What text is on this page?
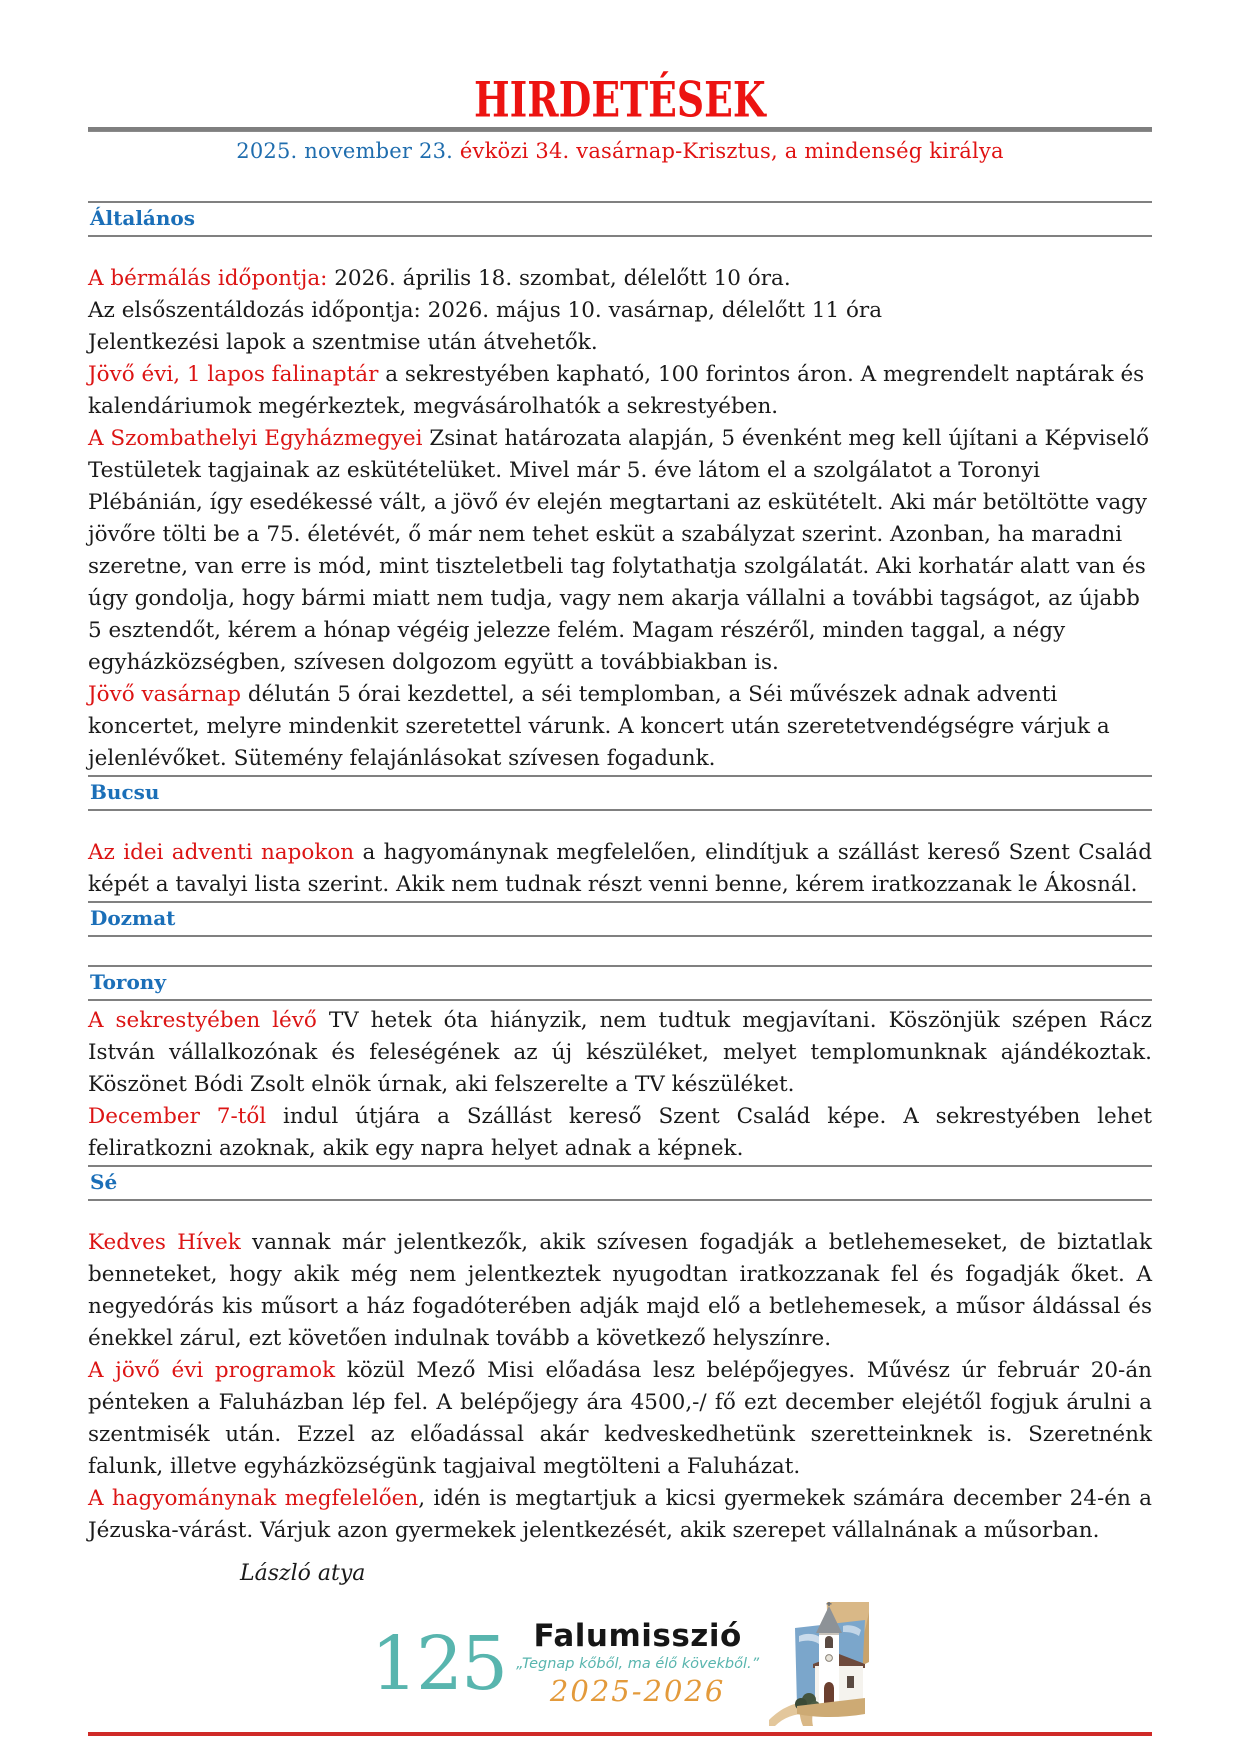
HIRDETÉSEK
2025. november 23. évközi 34. vasárnap-Krisztus, a mindenség királya
Általános
A bérmálás időpontja: 2026. április 18. szombat, délelőtt 10 óra.
Az elsőszentáldozás időpontja: 2026. május 10. vasárnap, délelőtt 11 óra
Jelentkezési lapok a szentmise után átvehetők.
Jövő évi, 1 lapos falinaptár a sekrestyében kapható, 100 forintos áron. A megrendelt naptárak és kalendáriumok megérkeztek, megvásárolhatók a sekrestyében.
A Szombathelyi Egyházmegyei Zsinat határozata alapján, 5 évenként meg kell újítani a Képviselő Testületek tagjainak az eskütételüket. Mivel már 5. éve látom el a szolgálatot a Toronyi Plébánián, így esedékessé vált, a jövő év elején megtartani az eskütételt. Aki már betöltötte vagy jövőre tölti be a 75. életévét, ő már nem tehet esküt a szabályzat szerint. Azonban, ha maradni szeretne, van erre is mód, mint tiszteletbeli tag folytathatja szolgálatát. Aki korhatár alatt van és úgy gondolja, hogy bármi miatt nem tudja, vagy nem akarja vállalni a további tagságot, az újabb 5 esztendőt, kérem a hónap végéig jelezze felém. Magam részéről, minden taggal, a négy egyházközségben, szívesen dolgozom együtt a továbbiakban is.
Jövő vasárnap délután 5 órai kezdettel, a séi templomban, a Séi művészek adnak adventi koncertet, melyre mindenkit szeretettel várunk. A koncert után szeretetvendégségre várjuk a jelenlévőket. Sütemény felajánlásokat szívesen fogadunk.
Bucsu
Az idei adventi napokon a hagyománynak megfelelően, elindítjuk a szállást kereső Szent Család képét a tavalyi lista szerint. Akik nem tudnak részt venni benne, kérem iratkozzanak le Ákosnál.
Dozmat
Torony
A sekrestyében lévő TV hetek óta hiányzik, nem tudtuk megjavítani. Köszönjük szépen Rácz István vállalkozónak és feleségének az új készüléket, melyet templomunknak ajándékoztak. Köszönet Bódi Zsolt elnök úrnak, aki felszerelte a TV készüléket.
December 7-től indul útjára a Szállást kereső Szent Család képe. A sekrestyében lehet feliratkozni azoknak, akik egy napra helyet adnak a képnek.
Sé
Kedves Hívek vannak már jelentkezők, akik szívesen fogadják a betlehemeseket, de biztatlak benneteket, hogy akik még nem jelentkeztek nyugodtan iratkozzanak fel és fogadják őket. A negyedórás kis műsort a ház fogadóterében adják majd elő a betlehemesek, a műsor áldással és énekkel zárul, ezt követően indulnak tovább a következő helyszínre.
A jövő évi programok közül Mező Misi előadása lesz belépőjegyes. Művész úr február 20-án pénteken a Faluházban lép fel. A belépőjegy ára 4500,-/ fő ezt december elejétől fogjuk árulni a szentmisék után. Ezzel az előadással akár kedveskedhetünk szeretteinknek is. Szeretnénk falunk, illetve egyházközségünk tagjaival megtölteni a Faluházat.
A hagyománynak megfelelően, idén is megtartjuk a kicsi gyermekek számára december 24-én a Jézuska-várást. Várjuk azon gyermekek jelentkezését, akik szerepet vállalnának a műsorban.
László atya
125 Falumisszió
„Tegnap kőből, ma élő kövekből.”
2025-2026
